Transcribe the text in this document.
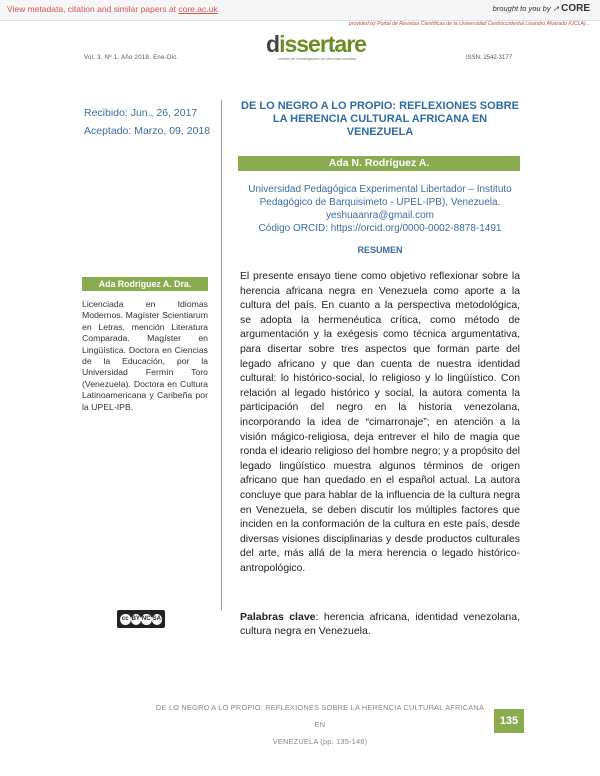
View metadata, citation and similar papers at core.ac.uk	brought to you by ↗ CORE
provided by Portal de Revistas Científicas de la Universidad Centroccidental Lisandro Alvarado (UCLA)...
dissertare
revista de investigación en ciencias sociales
Vol. 3. Nº 1. Año 2018. Ene-Dic.	ISSN: 2542-3177
Recibido: Jun., 26, 2017
Aceptado: Marzo, 09, 2018
DE LO NEGRO A LO PROPIO: REFLEXIONES SOBRE LA HERENCIA CULTURAL AFRICANA EN VENEZUELA
Ada N. Rodríguez A.
Universidad Pedagógica Experimental Libertador – Instituto Pedagógico de Barquisimeto - UPEL-IPB), Venezuela.
yeshuaanra@gmail.com
Código ORCID: https://orcid.org/0000-0002-8878-1491
RESUMEN
El presente ensayo tiene como objetivo reflexionar sobre la herencia africana negra en Venezuela como aporte a la cultura del país. En cuanto a la perspectiva metodológica, se adopta la hermenéutica crítica, como método de argumentación y la exégesis como técnica argumentativa, para disertar sobre tres aspectos que forman parte del legado africano y que dan cuenta de nuestra identidad cultural: lo histórico-social, lo religioso y lo lingüístico. Con relación al legado histórico y social, la autora comenta la participación del negro en la historia venezolana, incorporando la idea de “cimarronaje”; en atención a la visión mágico-religiosa, deja entrever el hilo de magia que ronda el ideario religioso del hombre negro; y a propósito del legado lingüístico muestra algunos términos de origen africano que han quedado en el español actual. La autora concluye que para hablar de la influencia de la cultura negra en Venezuela, se deben discutir los múltiples factores que inciden en la conformación de la cultura en este país, desde diversas visiones disciplinarias y desde productos culturales del arte, más allá de la mera herencia o legado histórico-antropológico.
Ada Rodríguez A. Dra.
Licenciada en Idiomas Modernos. Magíster Scientiarum en Letras, mención Literatura Comparada. Magíster en Lingüística. Doctora en Ciencias de la Educación, por la Universidad Fermín Toro (Venezuela). Doctora en Cultura Latinoamericana y Caribeña por la UPEL-IPB.
cc BY NC SA	Palabras clave: herencia africana, identidad venezolana, cultura negra en Venezuela.
DE LO NEGRO A LO PROPIO: REFLEXIONES SOBRE LA HERENCIA CULTURAL AFRICANA EN
VENEZUELA (pp. 135-148)
135
